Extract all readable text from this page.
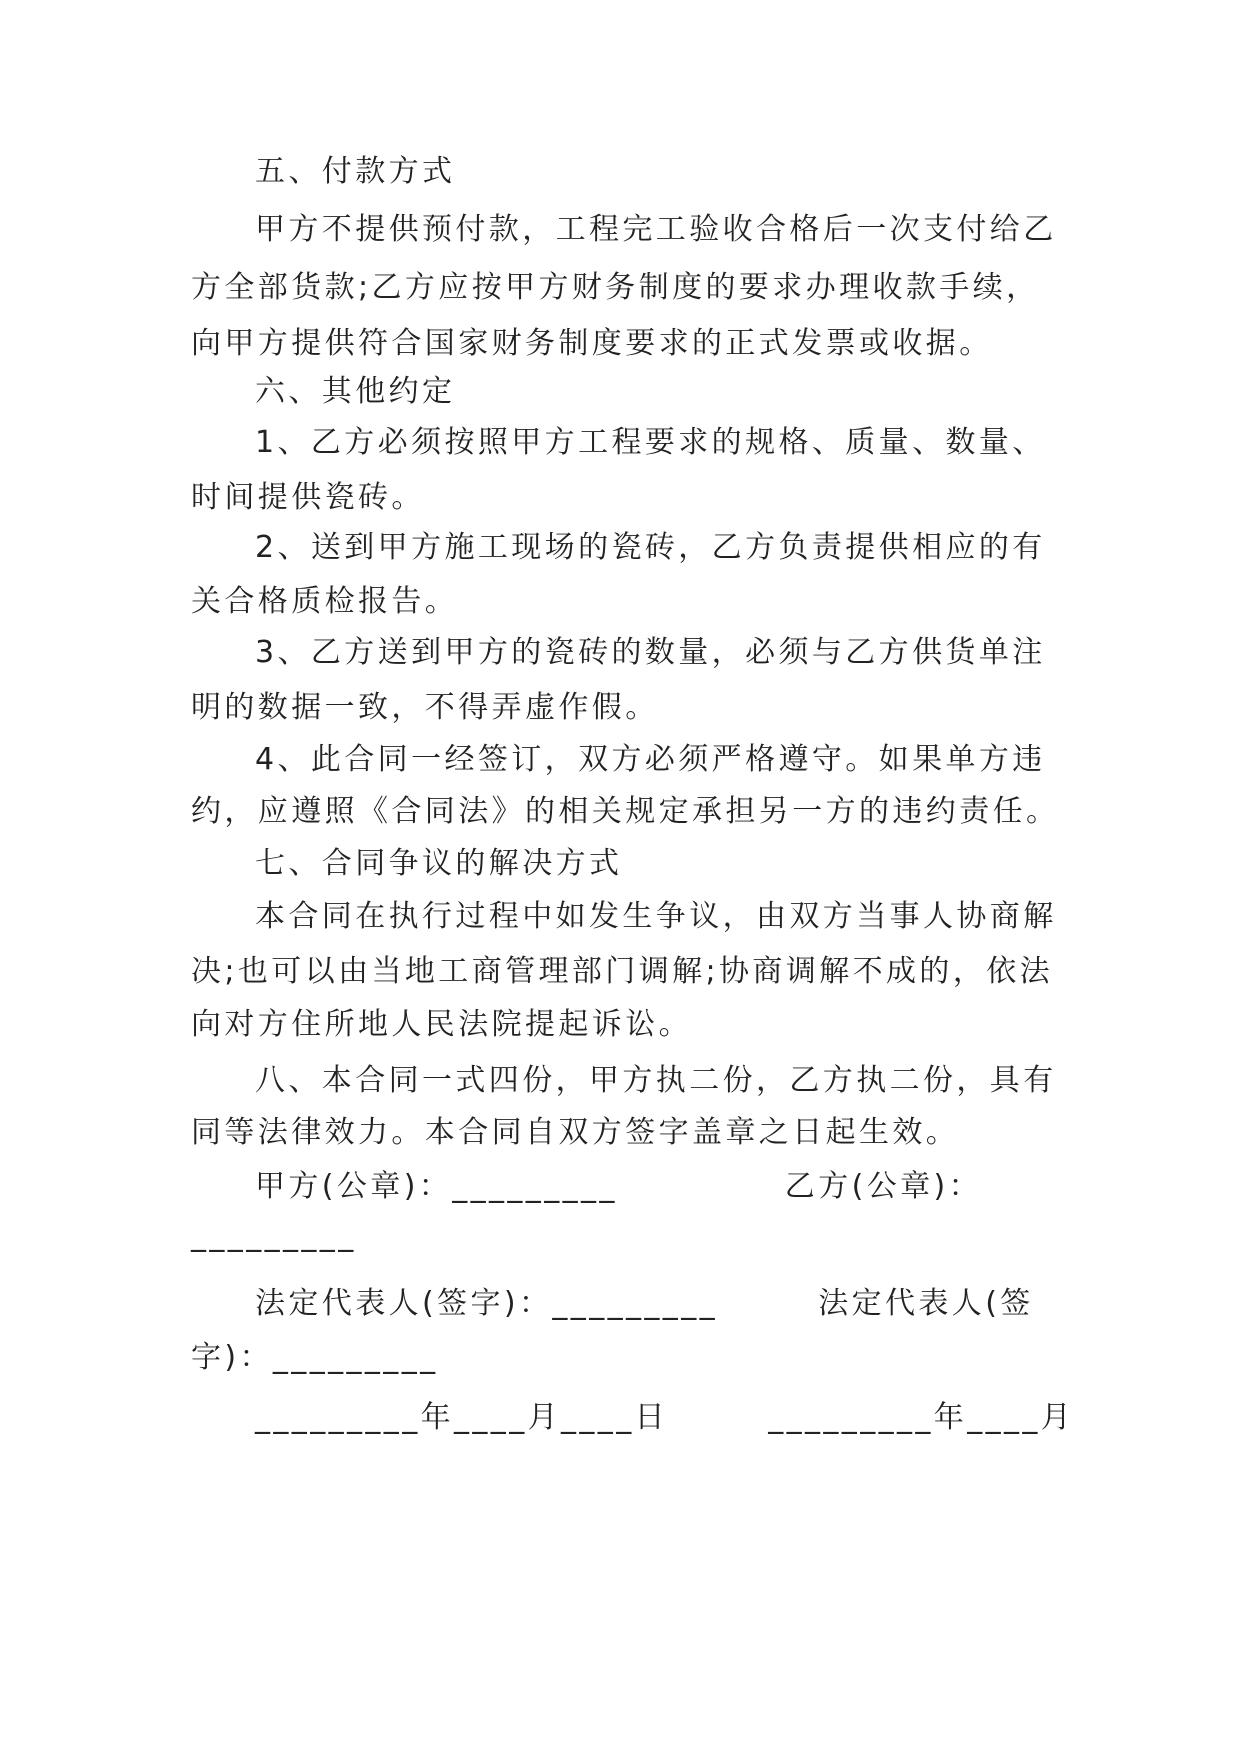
五、付款方式
甲方不提供预付款，工程完工验收合格后一次支付给乙
方全部货款;乙方应按甲方财务制度的要求办理收款手续，
向甲方提供符合国家财务制度要求的正式发票或收据。
六、其他约定
1、乙方必须按照甲方工程要求的规格、质量、数量、
时间提供瓷砖。
2、送到甲方施工现场的瓷砖，乙方负责提供相应的有
关合格质检报告。
3、乙方送到甲方的瓷砖的数量，必须与乙方供货单注
明的数据一致，不得弄虚作假。
4、此合同一经签订，双方必须严格遵守。如果单方违
约，应遵照《合同法》的相关规定承担另一方的违约责任。
七、合同争议的解决方式
本合同在执行过程中如发生争议，由双方当事人协商解
决;也可以由当地工商管理部门调解;协商调解不成的，依法
向对方住所地人民法院提起诉讼。
八、本合同一式四份，甲方执二份，乙方执二份，具有
同等法律效力。本合同自双方签字盖章之日起生效。
甲方(公章)：_________　　　　　乙方(公章)：
_________
法定代表人(签字)：_________　　　法定代表人(签
字)：_________
_________年____月____日　　　_________年____月
